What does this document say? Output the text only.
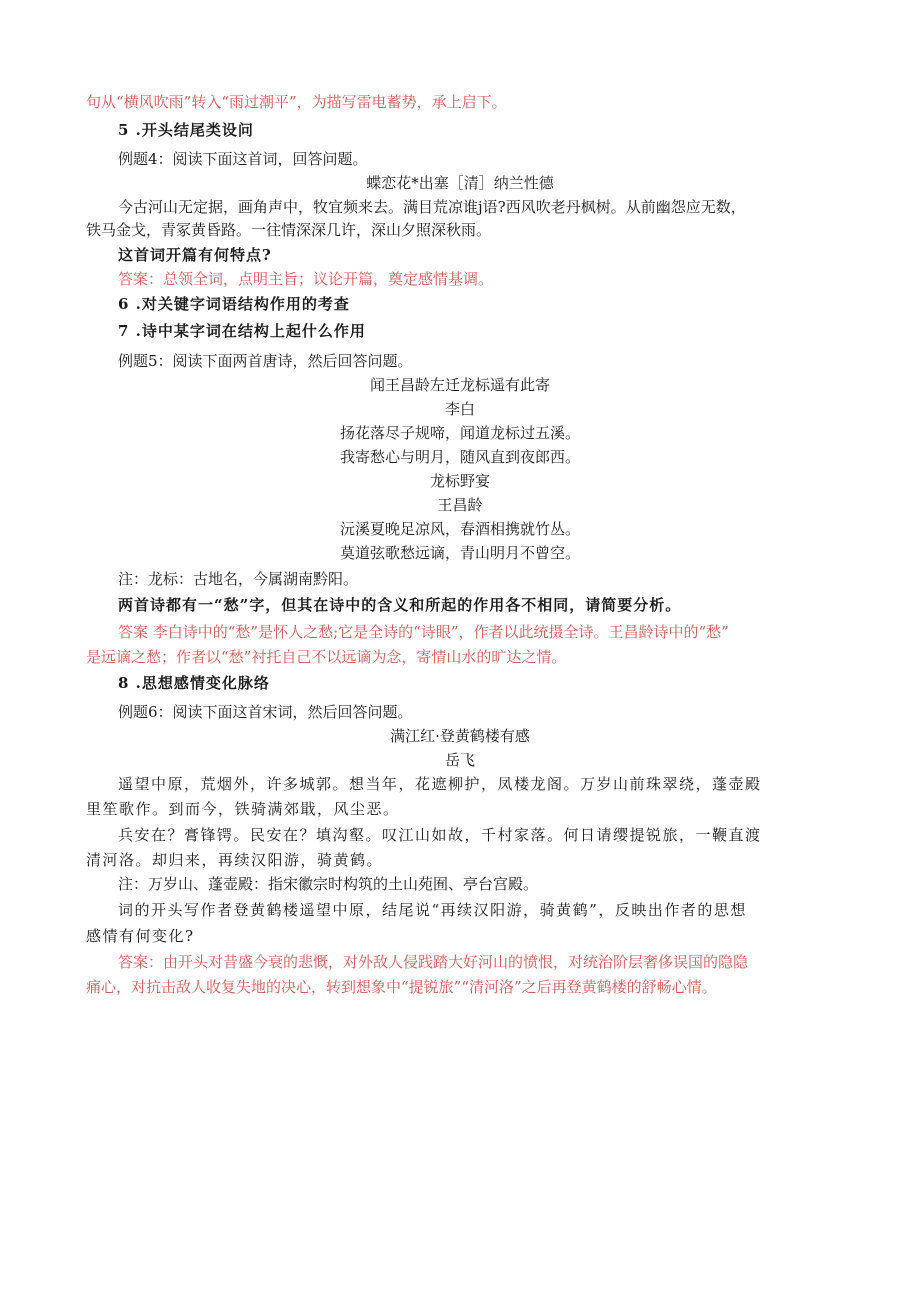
句从“横风吹雨”转入“雨过潮平”，为描写雷电蓄势，承上启下。
5 .开头结尾类设问
例题4：阅读下面这首词，回答问题。
蝶恋花*出塞［清］纳兰性德
今古河山无定据，画角声中，牧宜频来去。满目荒凉谁j语?西风吹老丹枫树。从前幽怨应无数，
铁马金戈，青冢黄昏路。一往情深深几许，深山夕照深秋雨。
这首词开篇有何特点?
答案：总领全词，点明主旨；议论开篇，奠定感情基调。
6 .对关键字词语结构作用的考查
7 .诗中某字词在结构上起什么作用
例题5：阅读下面两首唐诗，然后回答问题。
闻王昌龄左迁龙标遥有此寄
李白
扬花落尽子规啼，闻道龙标过五溪。
我寄愁心与明月，随风直到夜郎西。
龙标野宴
王昌龄
沅溪夏晚足凉风，春酒相携就竹丛。
莫道弦歌愁远谪，青山明月不曾空。
注：龙标：古地名，今属湖南黔阳。
两首诗都有一“愁”字，但其在诗中的含义和所起的作用各不相同，请简要分析。
答案 李白诗中的“愁”是怀人之愁;它是全诗的“诗眼”，作者以此统摄全诗。王昌龄诗中的“愁”
是远谪之愁；作者以“愁”衬托自己不以远谪为念，寄情山水的旷达之情。
8 .思想感情变化脉络
例题6：阅读下面这首宋词，然后回答问题。
满江红·登黄鹤楼有感
岳飞
遥望中原，荒烟外，许多城郭。想当年，花遮柳护，凤楼龙阁。万岁山前珠翠绕，蓬壶殿
里笙歌作。到而今，铁骑满郊戢，风尘恶。
兵安在？膏锋锷。民安在？填沟壑。叹江山如故，千村家落。何日请缨提锐旅，一鞭直渡
清河洛。却归来，再续汉阳游，骑黄鹤。
注：万岁山、蓬壶殿：指宋徽宗时构筑的土山苑囿、亭台宫殿。
词的开头写作者登黄鹤楼遥望中原，结尾说“再续汉阳游，骑黄鹤”，反映出作者的思想
感情有何变化?
答案：由开头对昔盛今衰的悲慨，对外敌人侵践踏大好河山的愤恨，对统治阶层奢侈误国的隐隐
痛心，对抗击敌人收复失地的决心，转到想象中“提锐旅”“清河洛”之后再登黄鹤楼的舒畅心情。
